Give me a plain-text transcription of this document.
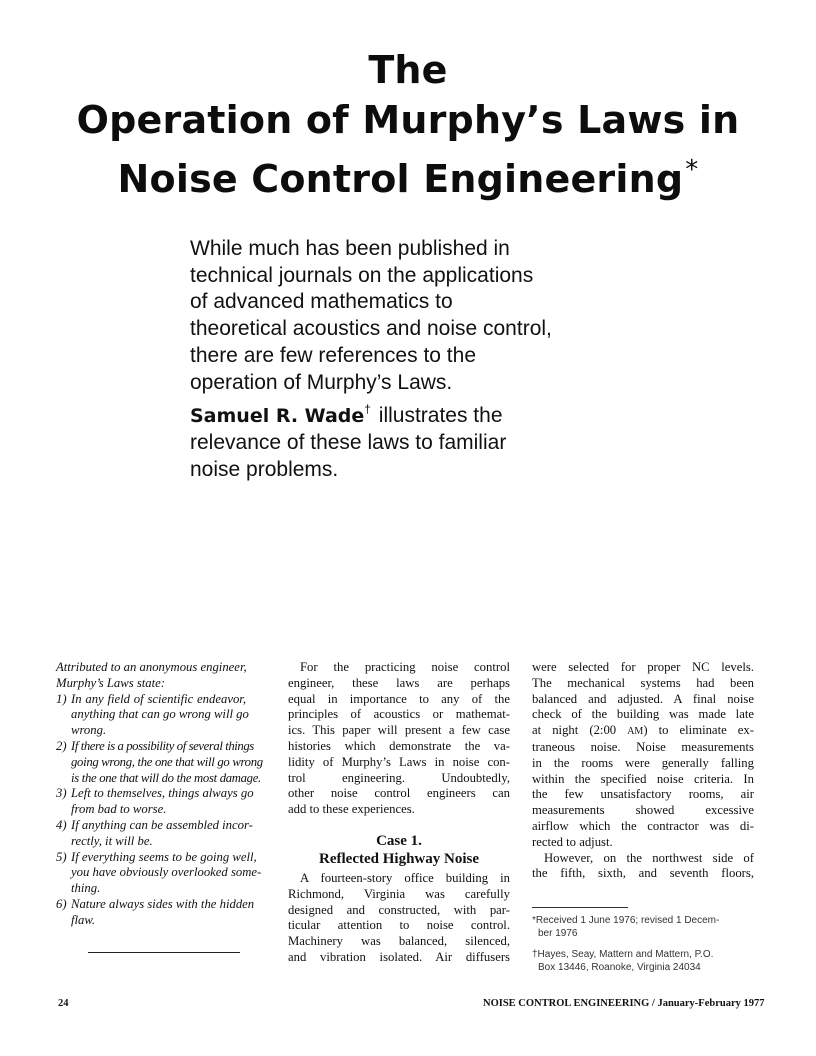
The
Operation of Murphy’s Laws in
Noise Control Engineering*
While much has been published in
technical journals on the applications
of advanced mathematics to
theoretical acoustics and noise control,
there are few references to the
operation of Murphy’s Laws.
Samuel R. Wade† illustrates the
relevance of these laws to familiar
noise problems.
Attributed to an anonymous engineer,
Murphy’s Laws state:
1) In any field of scientific endeavor,
anything that can go wrong will go
wrong.
2) If there is a possibility of several things
going wrong, the one that will go wrong
is the one that will do the most damage.
3) Left to themselves, things always go
from bad to worse.
4) If anything can be assembled incor-
rectly, it will be.
5) If everything seems to be going well,
you have obviously overlooked some-
thing.
6) Nature always sides with the hidden
flaw.
For the practicing noise control
engineer, these laws are perhaps
equal in importance to any of the
principles of acoustics or mathemat-
ics. This paper will present a few case
histories which demonstrate the va-
lidity of Murphy’s Laws in noise con-
trol engineering. Undoubtedly,
other noise control engineers can
add to these experiences.
Case 1.
Reflected Highway Noise
A fourteen-story office building in
Richmond, Virginia was carefully
designed and constructed, with par-
ticular attention to noise control.
Machinery was balanced, silenced,
and vibration isolated. Air diffusers
were selected for proper NC levels.
The mechanical systems had been
balanced and adjusted. A final noise
check of the building was made late
at night (2:00 AM) to eliminate ex-
traneous noise. Noise measurements
in the rooms were generally falling
within the specified noise criteria. In
the few unsatisfactory rooms, air
measurements showed excessive
airflow which the contractor was di-
rected to adjust.
However, on the northwest side of
the fifth, sixth, and seventh floors,
*Received 1 June 1976; revised 1 Decem-
ber 1976
†Hayes, Seay, Mattern and Mattern, P.O.
Box 13446, Roanoke, Virginia 24034
24	NOISE CONTROL ENGINEERING / January-February 1977
